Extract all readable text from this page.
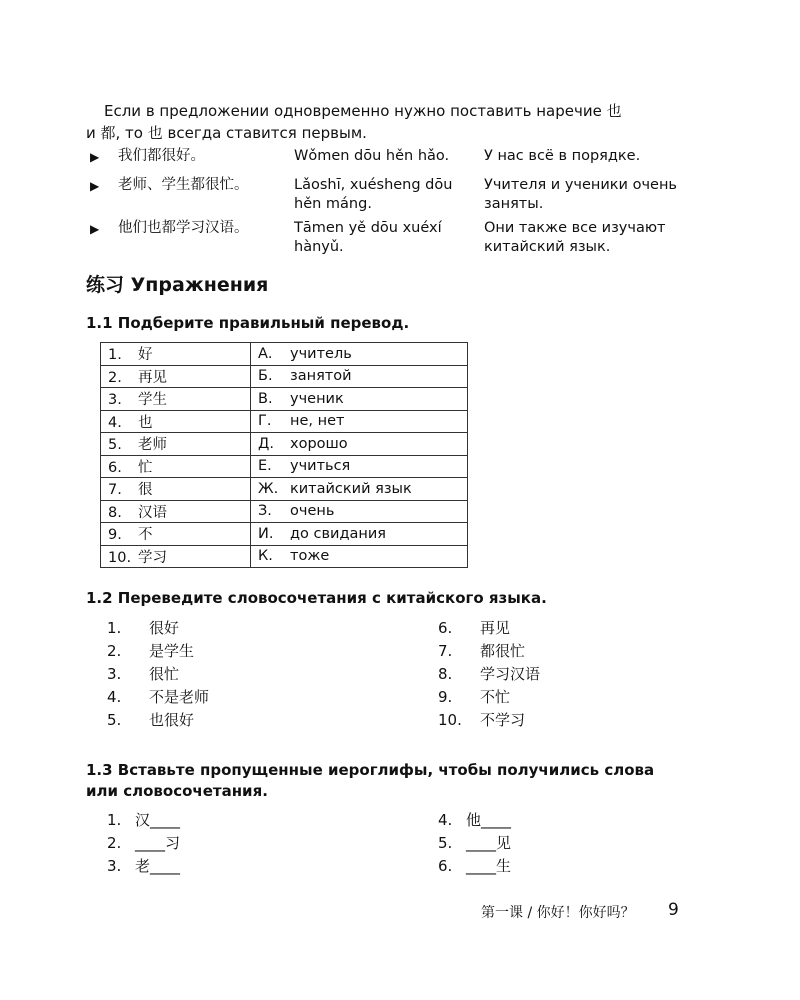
Если в предложении одновременно нужно поставить наречие 也
и 都, то 也 всегда ставится первым.
▶	我们都很好。	Wǒmen dōu hěn hǎo.	У нас всё в порядке.
▶	老师、学生都很忙。	Lǎoshī, xuésheng dōu hěn máng.
Учителя и ученики очень заняты.
▶	他们也都学习汉语。	Tāmen yě dōu xuéxí hànyǔ.
Они также все изучают китайский язык.
练习 Упражнения
1.1 Подберите правильный перевод.
1. 好	А. учитель
2. 再见	Б. занятой
3. 学生	В. ученик
4. 也	Г. не, нет
5. 老师	Д. хорошо
6. 忙	Е. учиться
7. 很	Ж. китайский язык
8. 汉语	З. очень
9. 不	И. до свидания
10. 学习	К. тоже
1.2 Переведите словосочетания с китайского языка.
1.	很好
2.	是学生
3.	很忙
4.	不是老师
5.	也很好
6.	再见
7.	都很忙
8.	学习汉语
9.	不忙
10.	不学习
1.3 Вставьте пропущенные иероглифы, чтобы получились слова или словосочетания.
1. 汉____
2. ____习
3. 老____
4. 他____
5. ____见
6. ____生
第一课 / 你好！你好吗？ 9
